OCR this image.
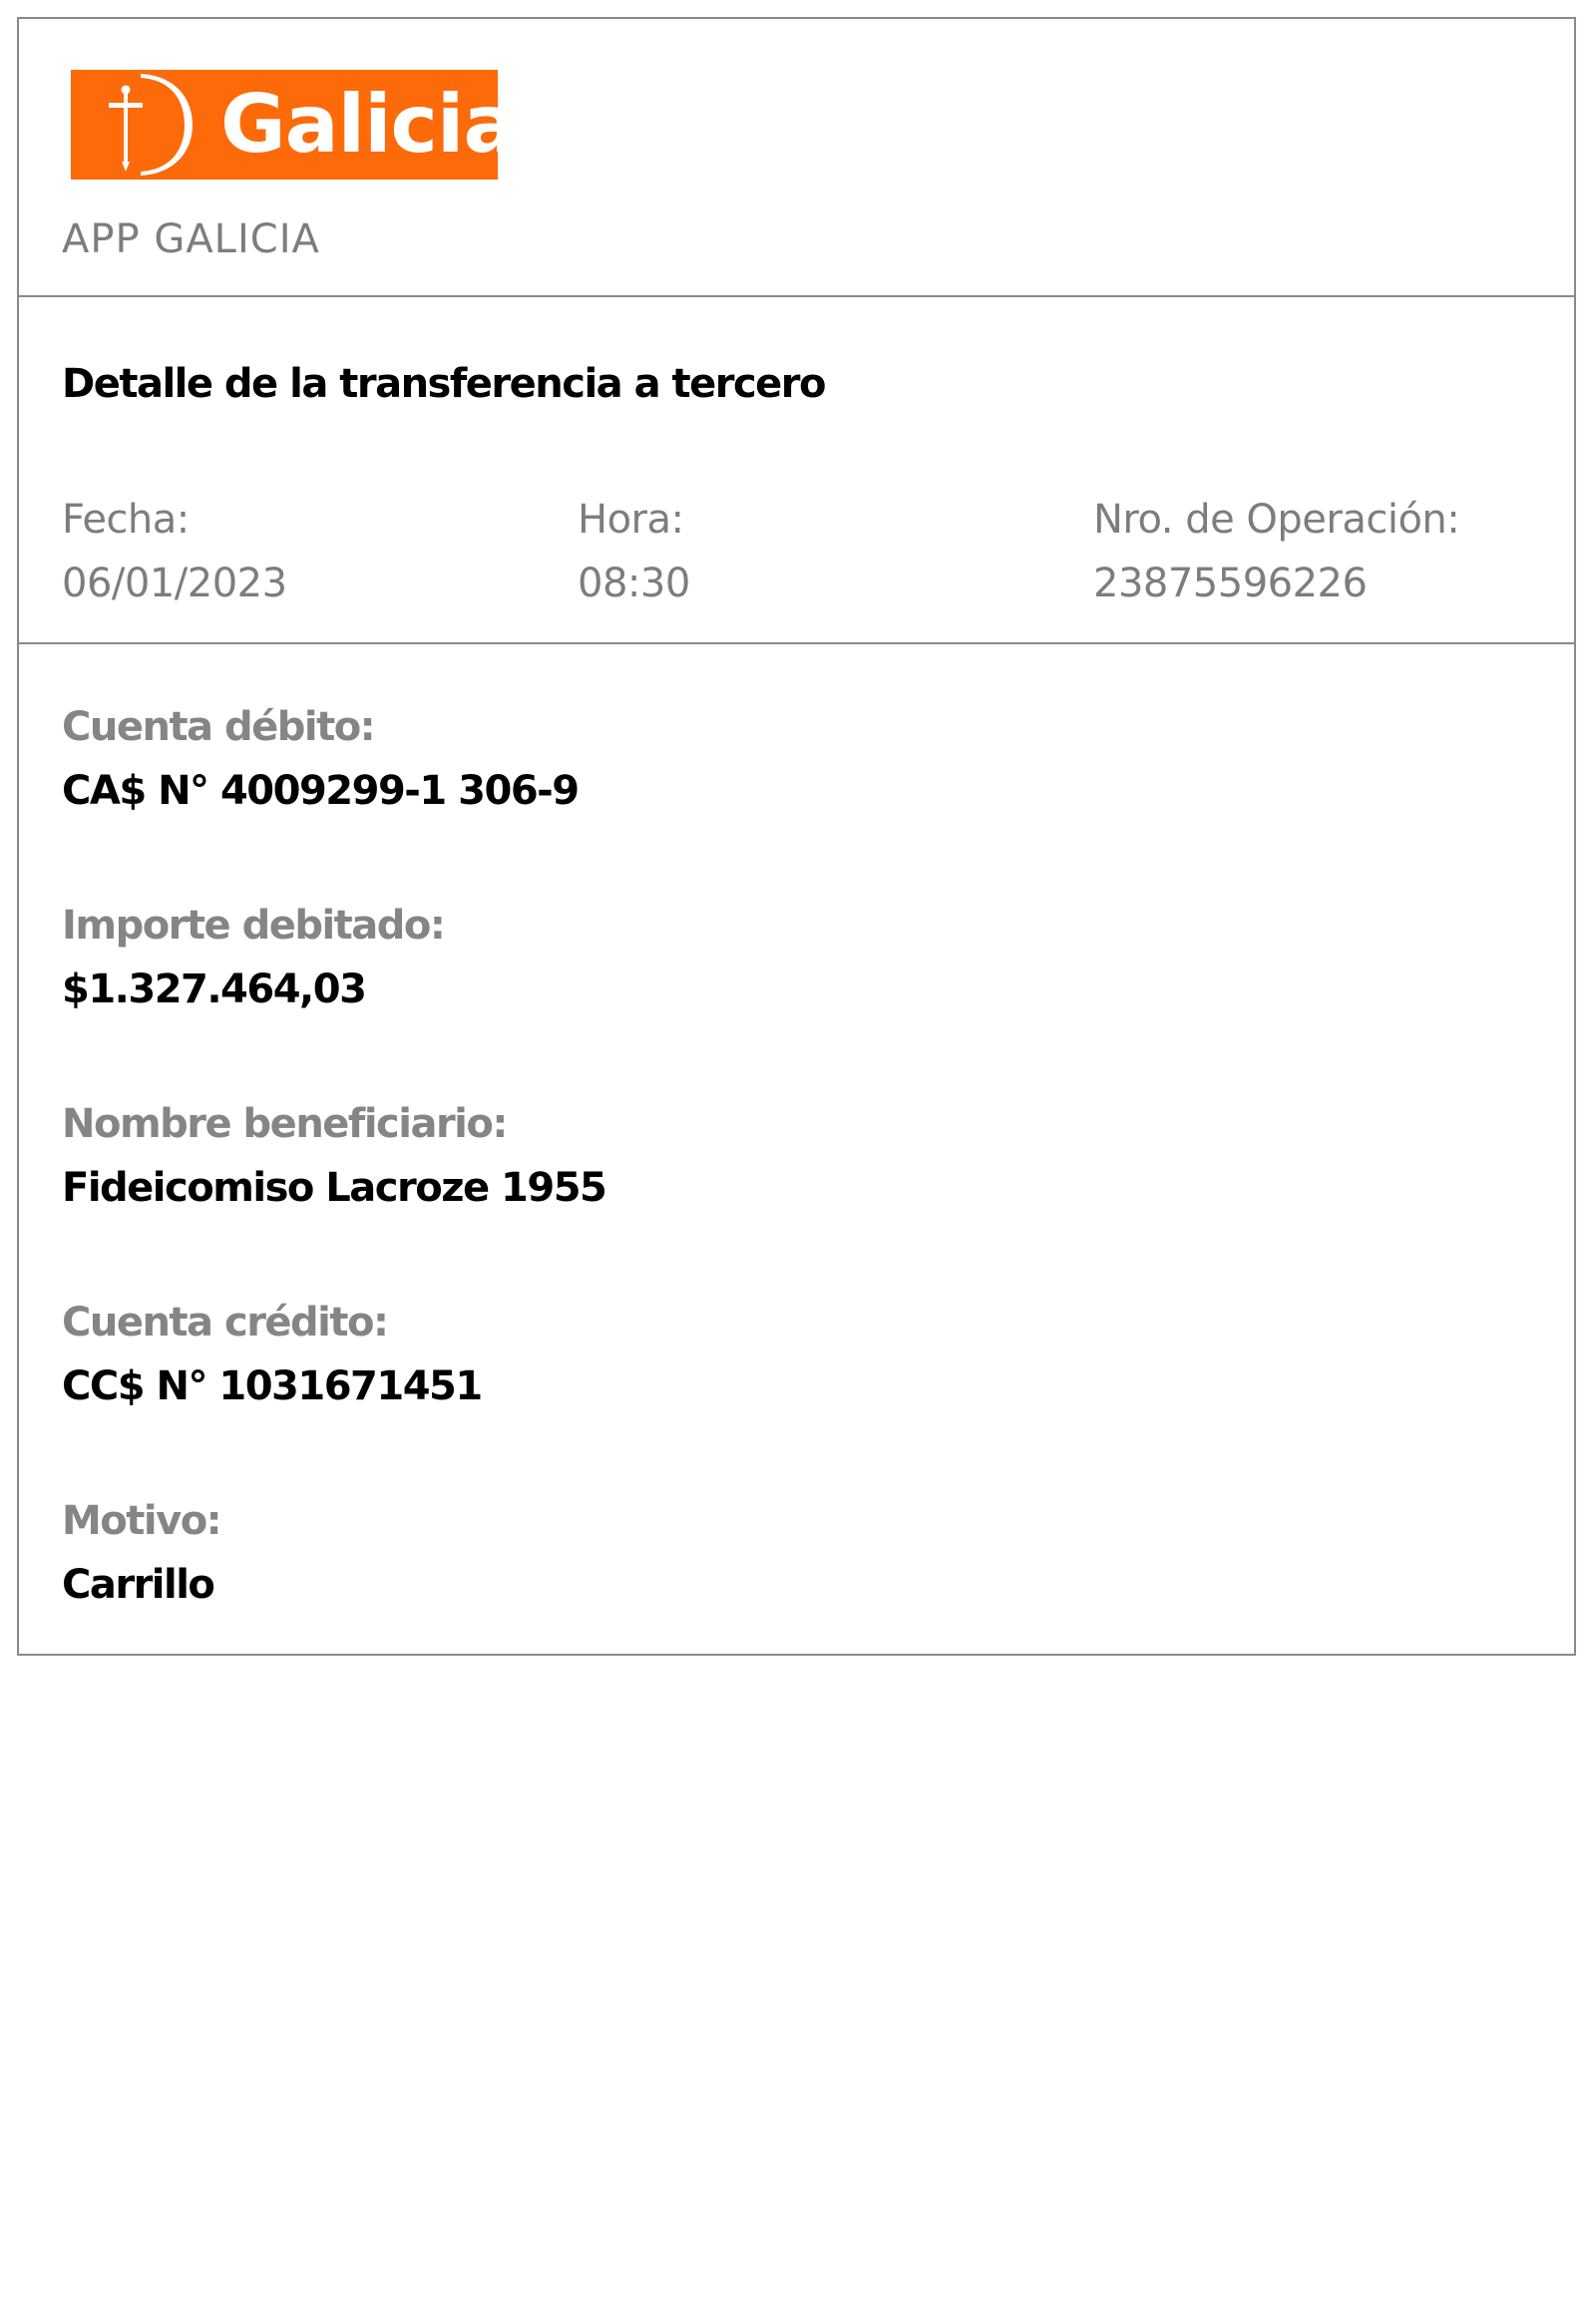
Galicia
APP GALICIA
Detalle de la transferencia a tercero
Fecha:
06/01/2023
Hora:
08:30
Nro. de Operación:
23875596226
Cuenta débito:
CA$ N° 4009299-1 306-9
Importe debitado:
$1.327.464,03
Nombre beneficiario:
Fideicomiso Lacroze 1955
Cuenta crédito:
CC$ N° 1031671451
Motivo:
Carrillo
